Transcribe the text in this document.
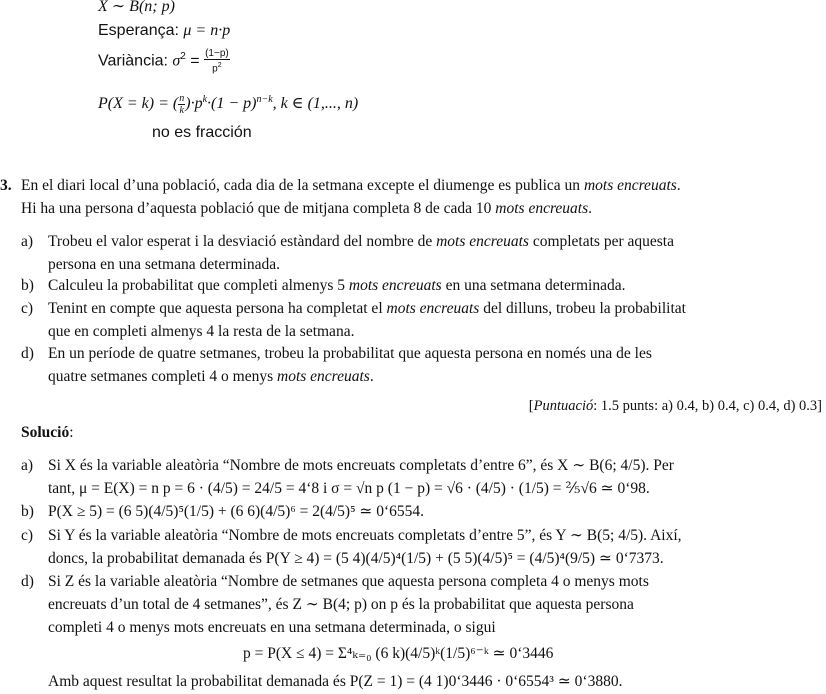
X ∼ B(n; p)
Esperança: μ = n·p
Variància: $\sigma^2 = \frac{(1-p)}{p^2}$
P(X = k) = ( $\frac{n}{k} )\cdot p^k\cdot(1 - p)^{n-k}$, k ∈ (1,..., n)
no es fracción
3. En el diari local d’una població, cada dia de la setmana excepte el diumenge es publica un mots encreuats.
Hi ha una persona d’aquesta població que de mitjana completa 8 de cada 10 mots encreuats.
a) Trobeu el valor esperat i la desviació estàndard del nombre de mots encreuats completats per aquesta
persona en una setmana determinada.
b) Calculeu la probabilitat que completi almenys 5 mots encreuats en una setmana determinada.
c) Tenint en compte que aquesta persona ha completat el mots encreuats del dilluns, trobeu la probabilitat
que en completi almenys 4 la resta de la setmana.
d) En un període de quatre setmanes, trobeu la probabilitat que aquesta persona en només una de les
quatre setmanes completi 4 o menys mots encreuats.
[Puntuació: 1.5 punts: a) 0.4, b) 0.4, c) 0.4, d) 0.3]
Solució:
a) Si X és la variable aleatòria “Nombre de mots encreuats completats d’entre 6”, és X ∼ B(6; 4/5). Per
tant, μ = E(X) = n p = 6 · (4/5) = 24/5 = 4‘8 i σ = √n p (1 − p) = √6 · (4/5) · (1/5) = ⅖√6 ≃ 0‘98.
b) P(X ≥ 5) = (6 5)(4/5)⁵(1/5) + (6 6)(4/5)⁶ = 2(4/5)⁵ ≃ 0‘6554.
c) Si Y és la variable aleatòria “Nombre de mots encreuats completats d’entre 5”, és Y ∼ B(5; 4/5). Així,
doncs, la probabilitat demanada és P(Y ≥ 4) = (5 4)(4/5)⁴(1/5) + (5 5)(4/5)⁵ = (4/5)⁴(9/5) ≃ 0‘7373.
d) Si Z és la variable aleatòria “Nombre de setmanes que aquesta persona completa 4 o menys mots
encreuats d’un total de 4 setmanes”, és Z ∼ B(4; p) on p és la probabilitat que aquesta persona
completi 4 o menys mots encreuats en una setmana determinada, o sigui
p = P(X ≤ 4) = Σ⁴ₖ₌₀ (6 k)(4/5)ᵏ(1/5)⁶⁻ᵏ ≃ 0‘3446
Amb aquest resultat la probabilitat demanada és P(Z = 1) = (4 1)0‘3446 · 0‘6554³ ≃ 0‘3880.
